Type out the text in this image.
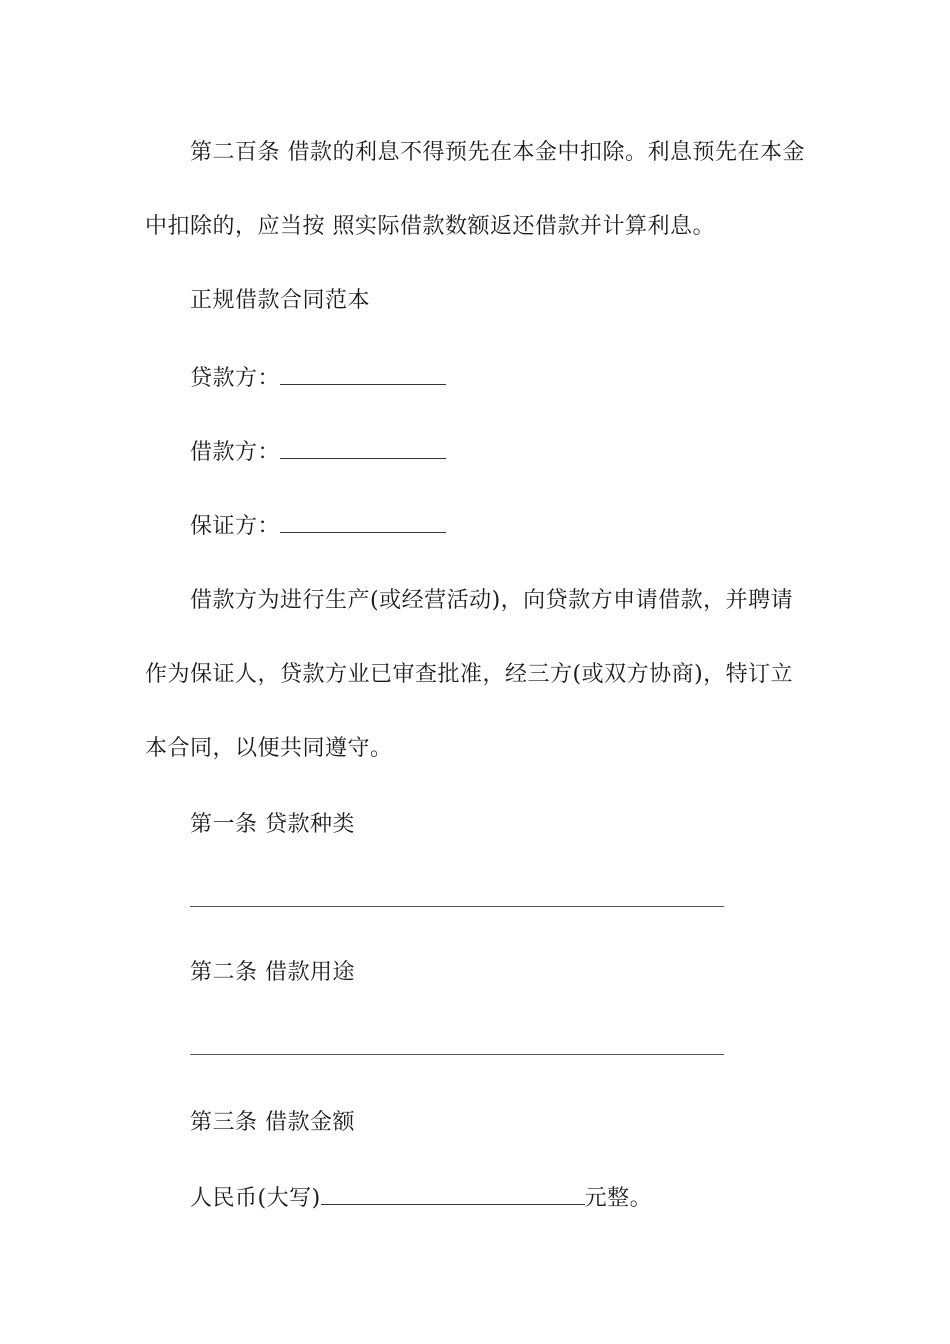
第二百条 借款的利息不得预先在本金中扣除。利息预先在本金
中扣除的，应当按 照实际借款数额返还借款并计算利息。
正规借款合同范本
贷款方：
借款方：
保证方：
借款方为进行生产(或经营活动)，向贷款方申请借款，并聘请
作为保证人，贷款方业已审查批准，经三方(或双方协商)，特订立
本合同，以便共同遵守。
第一条 贷款种类
第二条 借款用途
第三条 借款金额
人民币(大写)	元整。
